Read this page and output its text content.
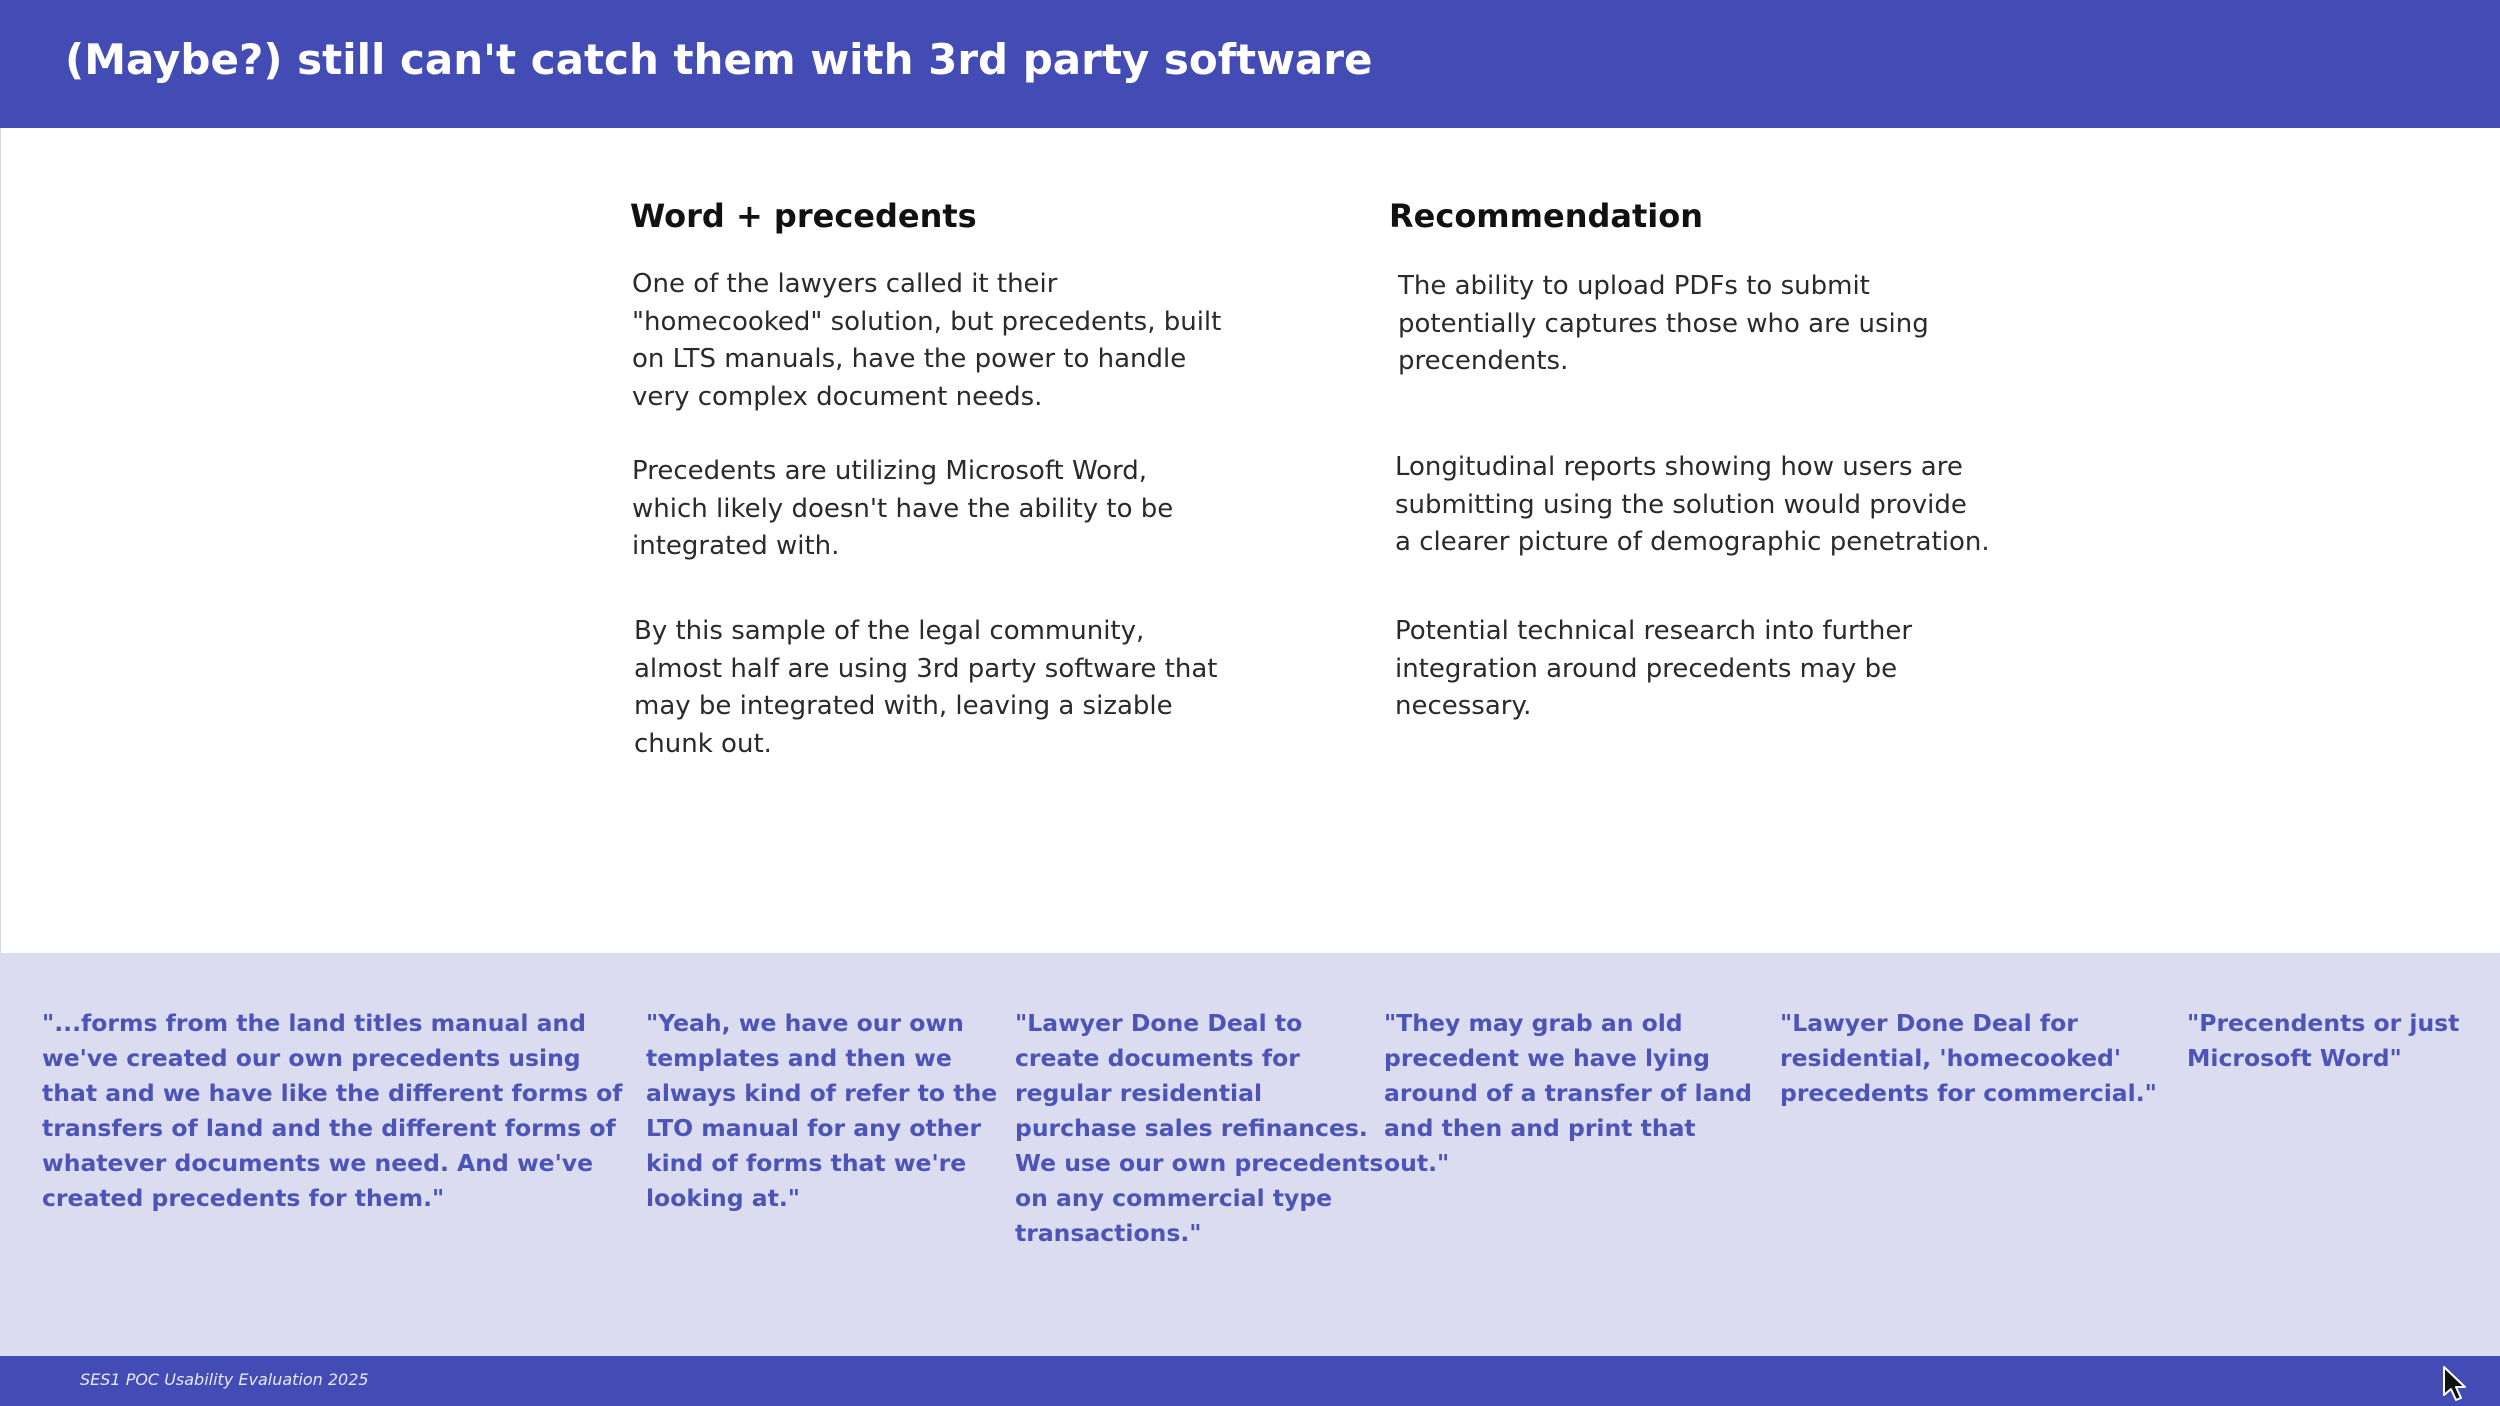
(Maybe?) still can't catch them with 3rd party software
Word + precedents
One of the lawyers called it their
"homecooked" solution, but precedents, built
on LTS manuals, have the power to handle
very complex document needs.
Precedents are utilizing Microsoft Word,
which likely doesn't have the ability to be
integrated with.
By this sample of the legal community,
almost half are using 3rd party software that
may be integrated with, leaving a sizable
chunk out.
Recommendation
The ability to upload PDFs to submit
potentially captures those who are using
precendents.
Longitudinal reports showing how users are
submitting using the solution would provide
a clearer picture of demographic penetration.
Potential technical research into further
integration around precedents may be
necessary.
"...forms from the land titles manual and
we've created our own precedents using
that and we have like the different forms of
transfers of land and the different forms of
whatever documents we need. And we've
created precedents for them."
"Yeah, we have our own
templates and then we
always kind of refer to the
LTO manual for any other
kind of forms that we're
looking at."
"Lawyer Done Deal to
create documents for
regular residential
purchase sales refinances.
We use our own precedents
on any commercial type
transactions."
"They may grab an old
precedent we have lying
around of a transfer of land
and then and print that
out."
"Lawyer Done Deal for
residential, 'homecooked'
precedents for commercial."
"Precendents or just
Microsoft Word"
SES1 POC Usability Evaluation 2025
